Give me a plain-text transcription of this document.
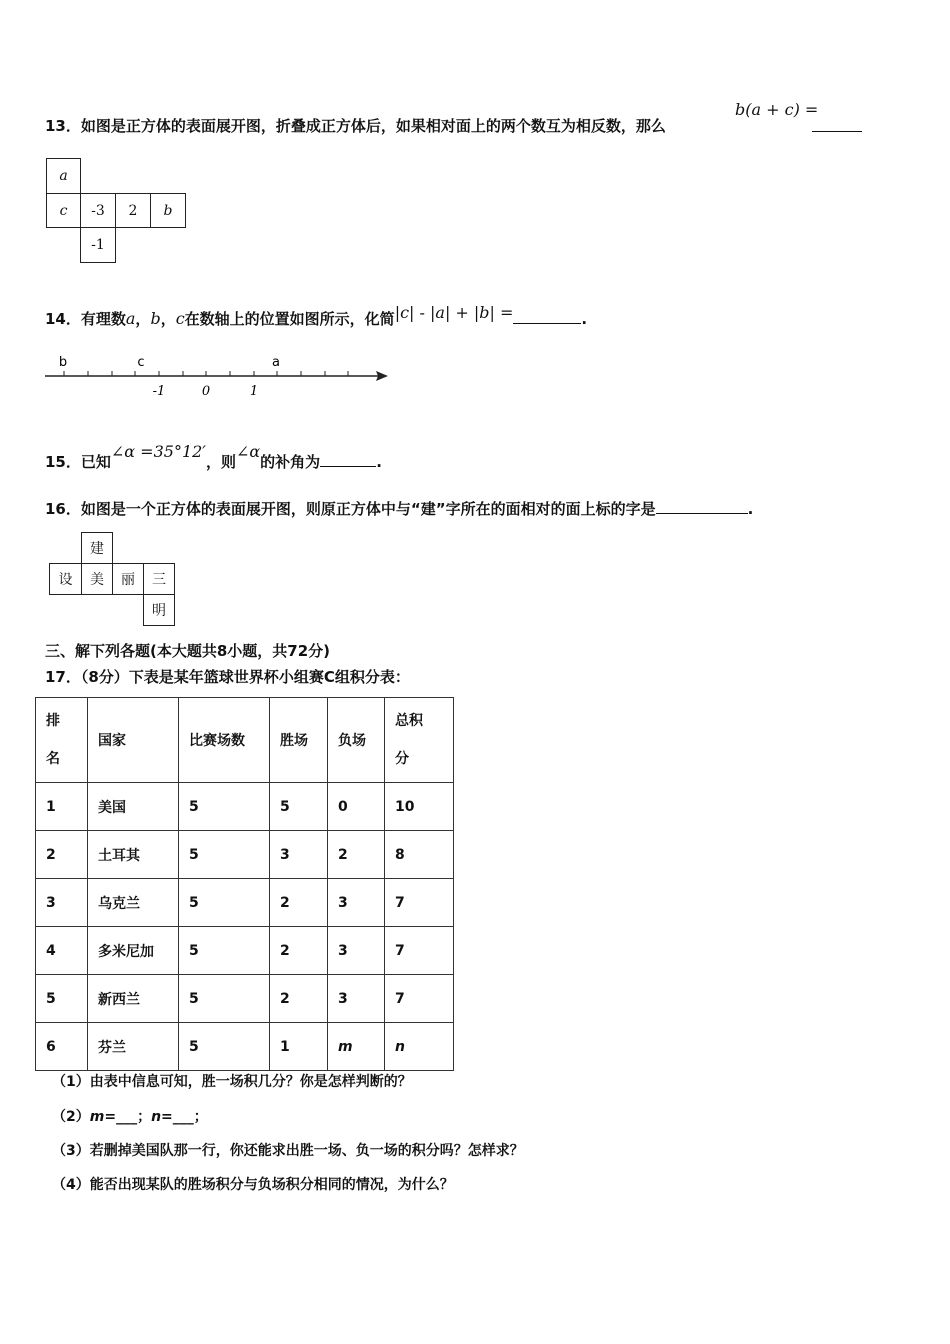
13．如图是正方体的表面展开图，折叠成正方体后，如果相对面上的两个数互为相反数，那么
b(a + c) =
a
c	-3	2	b
-1
14．有理数a，b，c在数轴上的位置如图所示，化简|c| - |a| + |b| =	.
b	c	a
-1	0	1
15．已知∠α =35°12′，则∠α的补角为	.
16．如图是一个正方体的表面展开图，则原正方体中与“建”字所在的面相对的面上标的字是	.
建
设	美	丽	三
明
三、解下列各题(本大题共8小题，共72分)
17．（8分）下表是某年篮球世界杯小组赛C组积分表：
排
名	国家	比赛场数	胜场	负场	总积
分
1	美国	5	5	0	10
2	土耳其	5	3	2	8
3	乌克兰	5	2	3	7
4	多米尼加	5	2	3	7
5	新西兰	5	2	3	7
6	芬兰	5	1	m	n
（1）由表中信息可知，胜一场积几分？你是怎样判断的？
（2）m=___；n=___；
（3）若删掉美国队那一行，你还能求出胜一场、负一场的积分吗？怎样求？
（4）能否出现某队的胜场积分与负场积分相同的情况，为什么？
